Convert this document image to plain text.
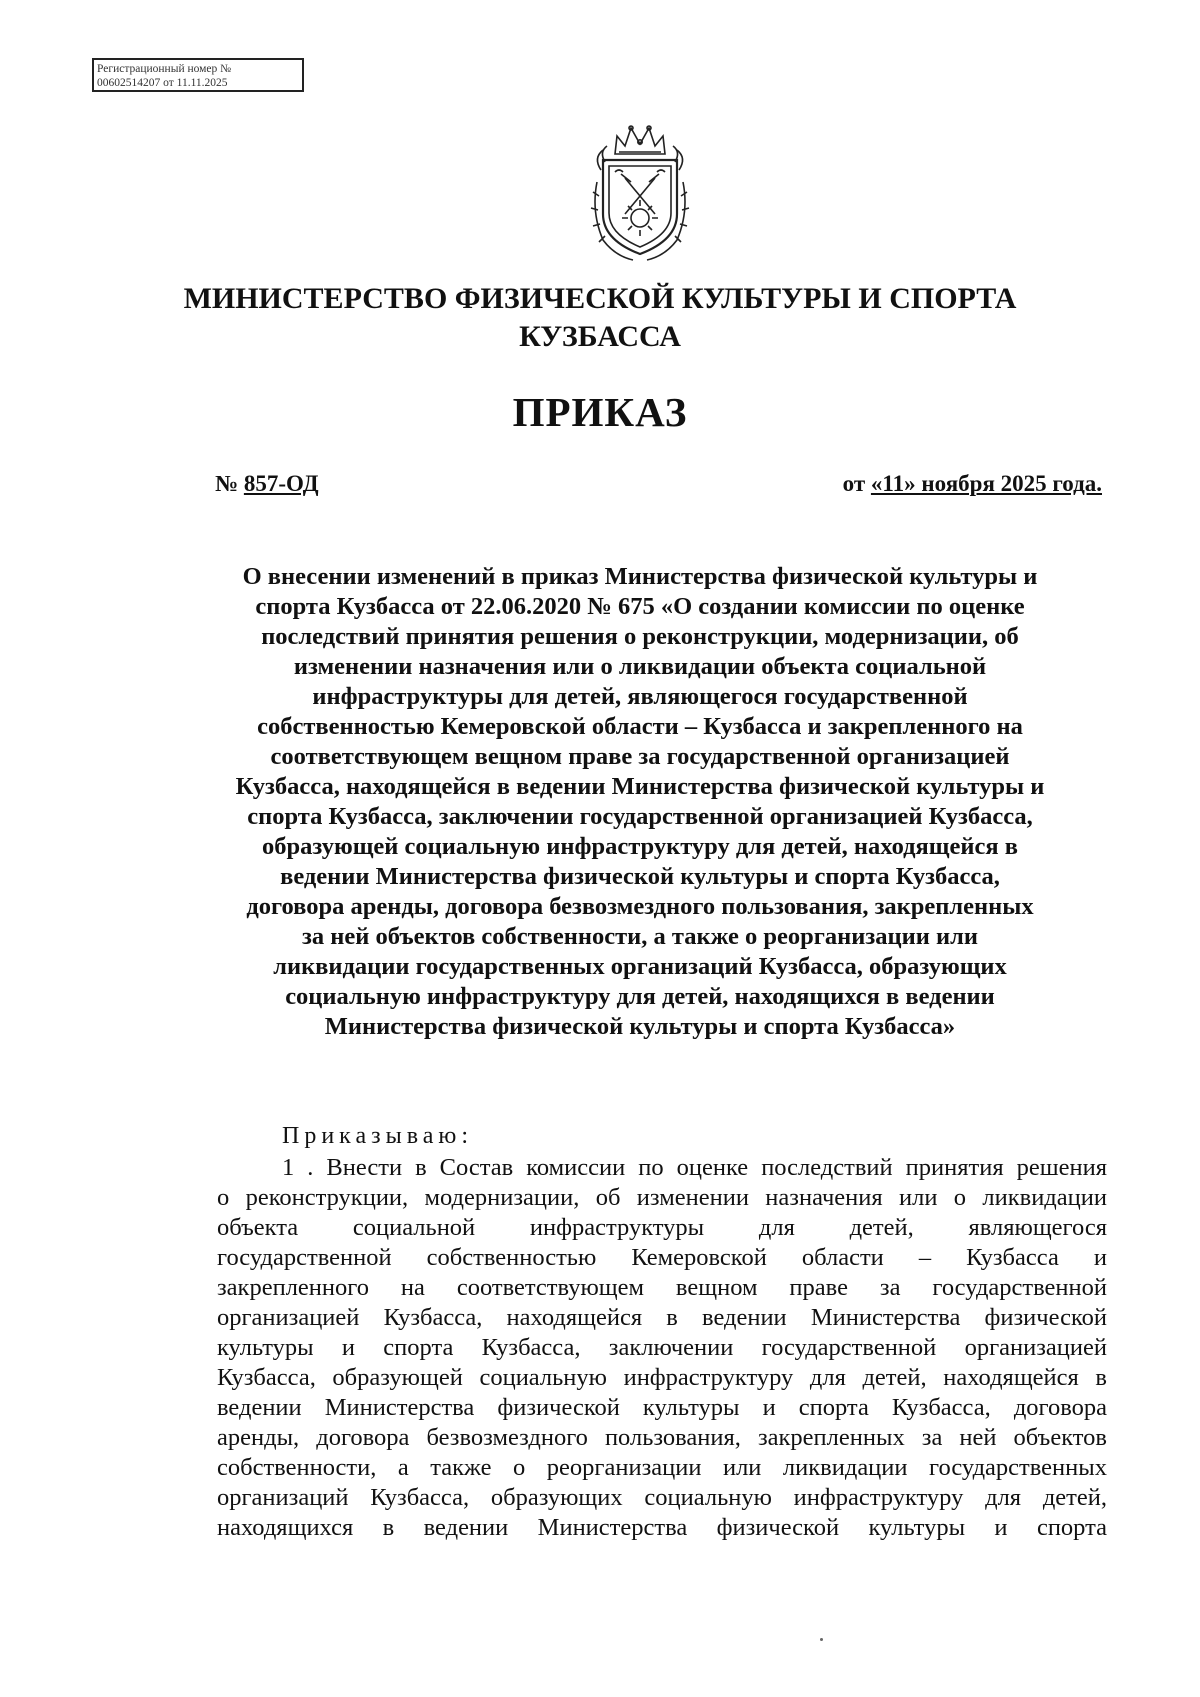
Регистрационный номер №
00602514207 от 11.11.2025
МИНИСТЕРСТВО ФИЗИЧЕСКОЙ КУЛЬТУРЫ И СПОРТА
КУЗБАССА
ПРИКАЗ
№ 857-ОД	от «11» ноября 2025 года.
О внесении изменений в приказ Министерства физической культуры и
спорта Кузбасса от 22.06.2020 № 675 «О создании комиссии по оценке
последствий принятия решения о реконструкции, модернизации, об
изменении назначения или о ликвидации объекта социальной
инфраструктуры для детей, являющегося государственной
собственностью Кемеровской области – Кузбасса и закрепленного на
соответствующем вещном праве за государственной организацией
Кузбасса, находящейся в ведении Министерства физической культуры и
спорта Кузбасса, заключении государственной организацией Кузбасса,
образующей социальную инфраструктуру для детей, находящейся в
ведении Министерства физической культуры и спорта Кузбасса,
договора аренды, договора безвозмездного пользования, закрепленных
за ней объектов собственности, а также о реорганизации или
ликвидации государственных организаций Кузбасса, образующих
социальную инфраструктуру для детей, находящихся в ведении
Министерства физической культуры и спорта Кузбасса»
Приказываю:
1 . Внести в Состав комиссии по оценке последствий принятия решения
о реконструкции, модернизации, об изменении назначения или о ликвидации
объекта социальной инфраструктуры для детей, являющегося
государственной собственностью Кемеровской области – Кузбасса и
закрепленного на соответствующем вещном праве за государственной
организацией Кузбасса, находящейся в ведении Министерства физической
культуры и спорта Кузбасса, заключении государственной организацией
Кузбасса, образующей социальную инфраструктуру для детей, находящейся в
ведении Министерства физической культуры и спорта Кузбасса, договора
аренды, договора безвозмездного пользования, закрепленных за ней объектов
собственности, а также о реорганизации или ликвидации государственных
организаций Кузбасса, образующих социальную инфраструктуру для детей,
находящихся в ведении Министерства физической культуры и спорта
